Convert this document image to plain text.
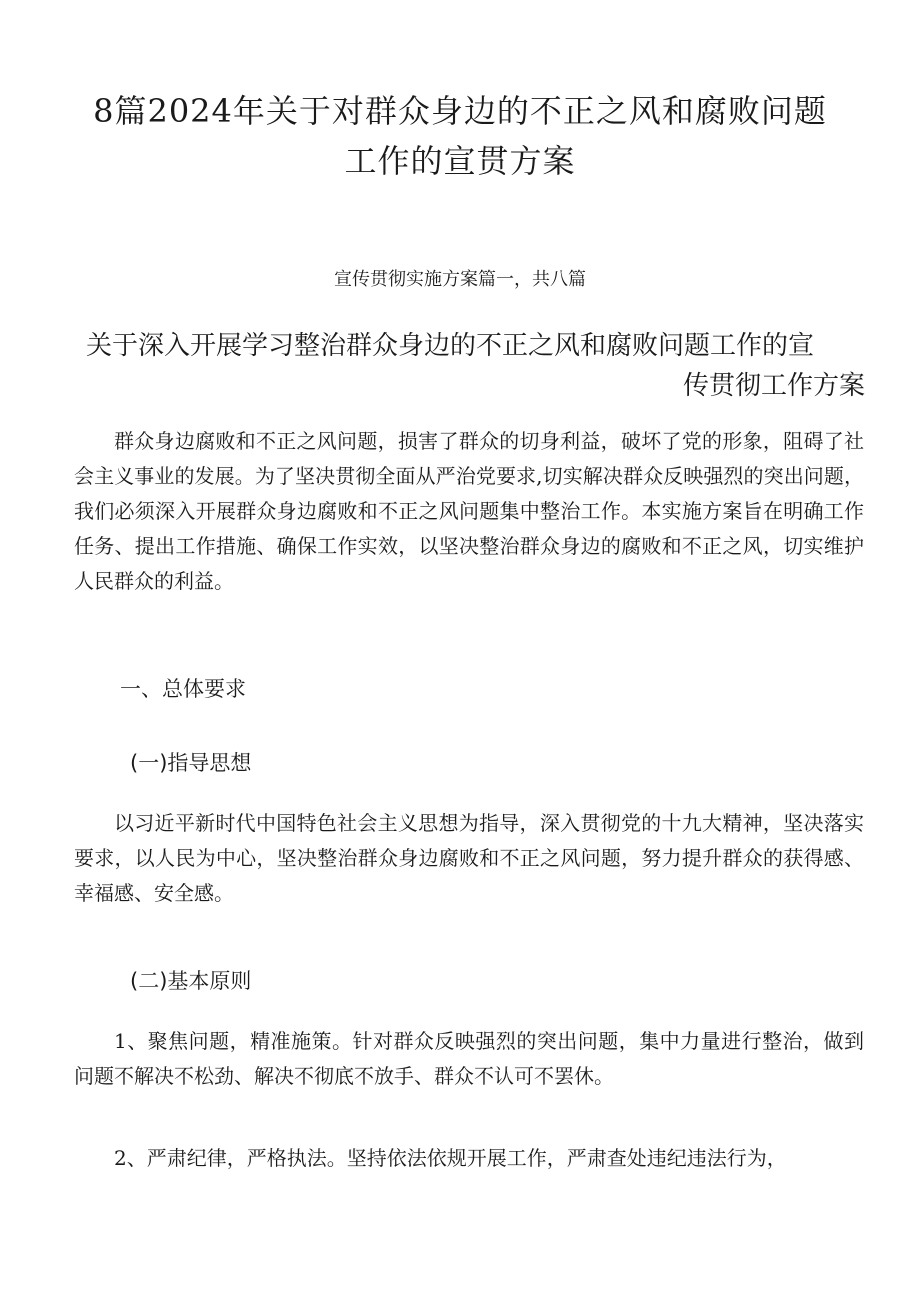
8篇2024年关于对群众身边的不正之风和腐败问题
工作的宣贯方案

宣传贯彻实施方案篇一，共八篇

关于深入开展学习整治群众身边的不正之风和腐败问题工作的宣
传贯彻工作方案

群众身边腐败和不正之风问题，损害了群众的切身利益，破坏了党的形象，阻碍了社会主义事业的发展。为了坚决贯彻全面从严治党要求,切实解决群众反映强烈的突出问题，我们必须深入开展群众身边腐败和不正之风问题集中整治工作。本实施方案旨在明确工作任务、提出工作措施、确保工作实效，以坚决整治群众身边的腐败和不正之风，切实维护人民群众的利益。

一、总体要求
(一)指导思想

以习近平新时代中国特色社会主义思想为指导，深入贯彻党的十九大精神，坚决落实要求，以人民为中心，坚决整治群众身边腐败和不正之风问题，努力提升群众的获得感、幸福感、安全感。

(二)基本原则

1、聚焦问题，精准施策。针对群众反映强烈的突出问题，集中力量进行整治，做到问题不解决不松劲、解决不彻底不放手、群众不认可不罢休。

2、严肃纪律，严格执法。坚持依法依规开展工作，严肃查处违纪违法行为，
